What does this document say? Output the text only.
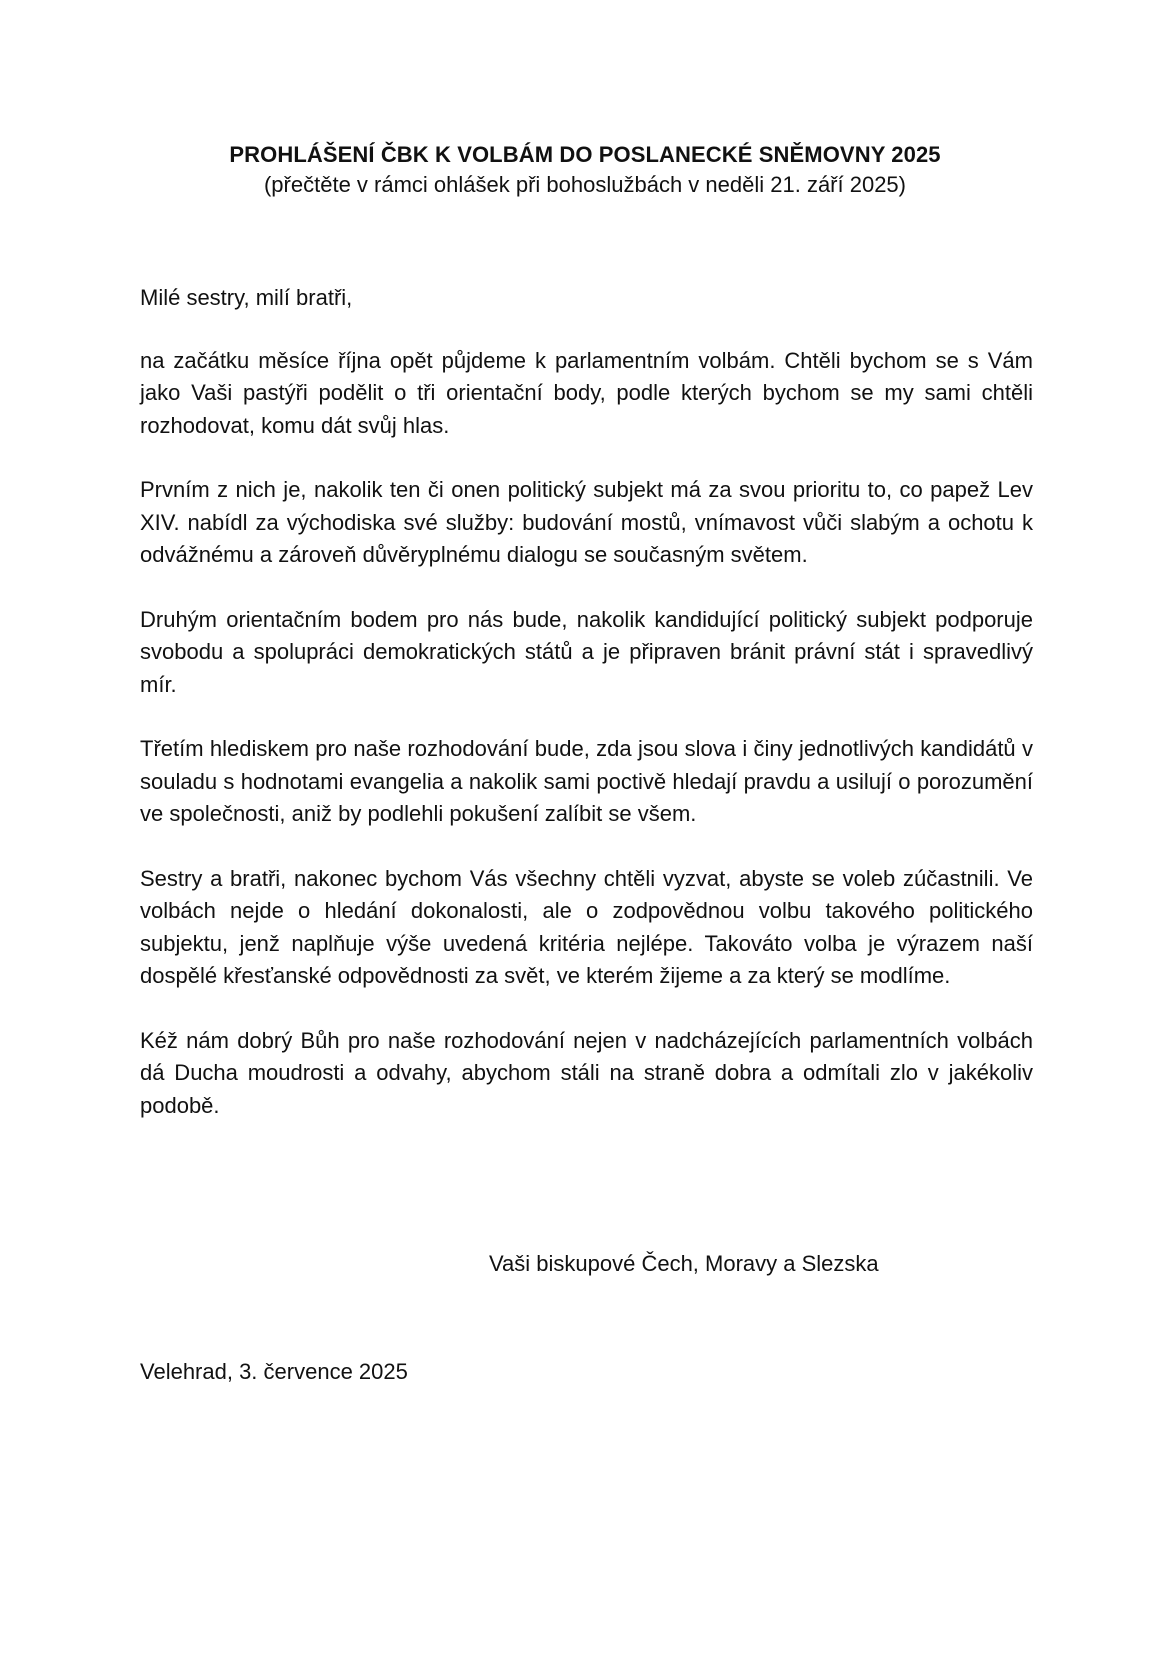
PROHLÁŠENÍ ČBK K VOLBÁM DO POSLANECKÉ SNĚMOVNY 2025

(přečtěte v rámci ohlášek při bohoslužbách v neděli 21. září 2025)

Milé sestry, milí bratři,

na začátku měsíce října opět půjdeme k parlamentním volbám. Chtěli bychom se s Vám jako Vaši pastýři podělit o tři orientační body, podle kterých bychom se my sami chtěli rozhodovat, komu dát svůj hlas.

Prvním z nich je, nakolik ten či onen politický subjekt má za svou prioritu to, co papež Lev XIV. nabídl za východiska své služby: budování mostů, vnímavost vůči slabým a ochotu k odvážnému a zároveň důvěryplnému dialogu se současným světem.

Druhým orientačním bodem pro nás bude, nakolik kandidující politický subjekt podporuje svobodu a spolupráci demokratických států a je připraven bránit právní stát i spravedlivý mír.

Třetím hlediskem pro naše rozhodování bude, zda jsou slova i činy jednotlivých kandidátů v souladu s hodnotami evangelia a nakolik sami poctivě hledají pravdu a usilují o porozumění ve společnosti, aniž by podlehli pokušení zalíbit se všem.

Sestry a bratři, nakonec bychom Vás všechny chtěli vyzvat, abyste se voleb zúčastnili. Ve volbách nejde o hledání dokonalosti, ale o zodpovědnou volbu takového politického subjektu, jenž naplňuje výše uvedená kritéria nejlépe. Takováto volba je výrazem naší dospělé křesťanské odpovědnosti za svět, ve kterém žijeme a za který se modlíme.

Kéž nám dobrý Bůh pro naše rozhodování nejen v nadcházejících parlamentních volbách dá Ducha moudrosti a odvahy, abychom stáli na straně dobra a odmítali zlo v jakékoliv podobě.

Vaši biskupové Čech, Moravy a Slezska
Velehrad, 3. července 2025
